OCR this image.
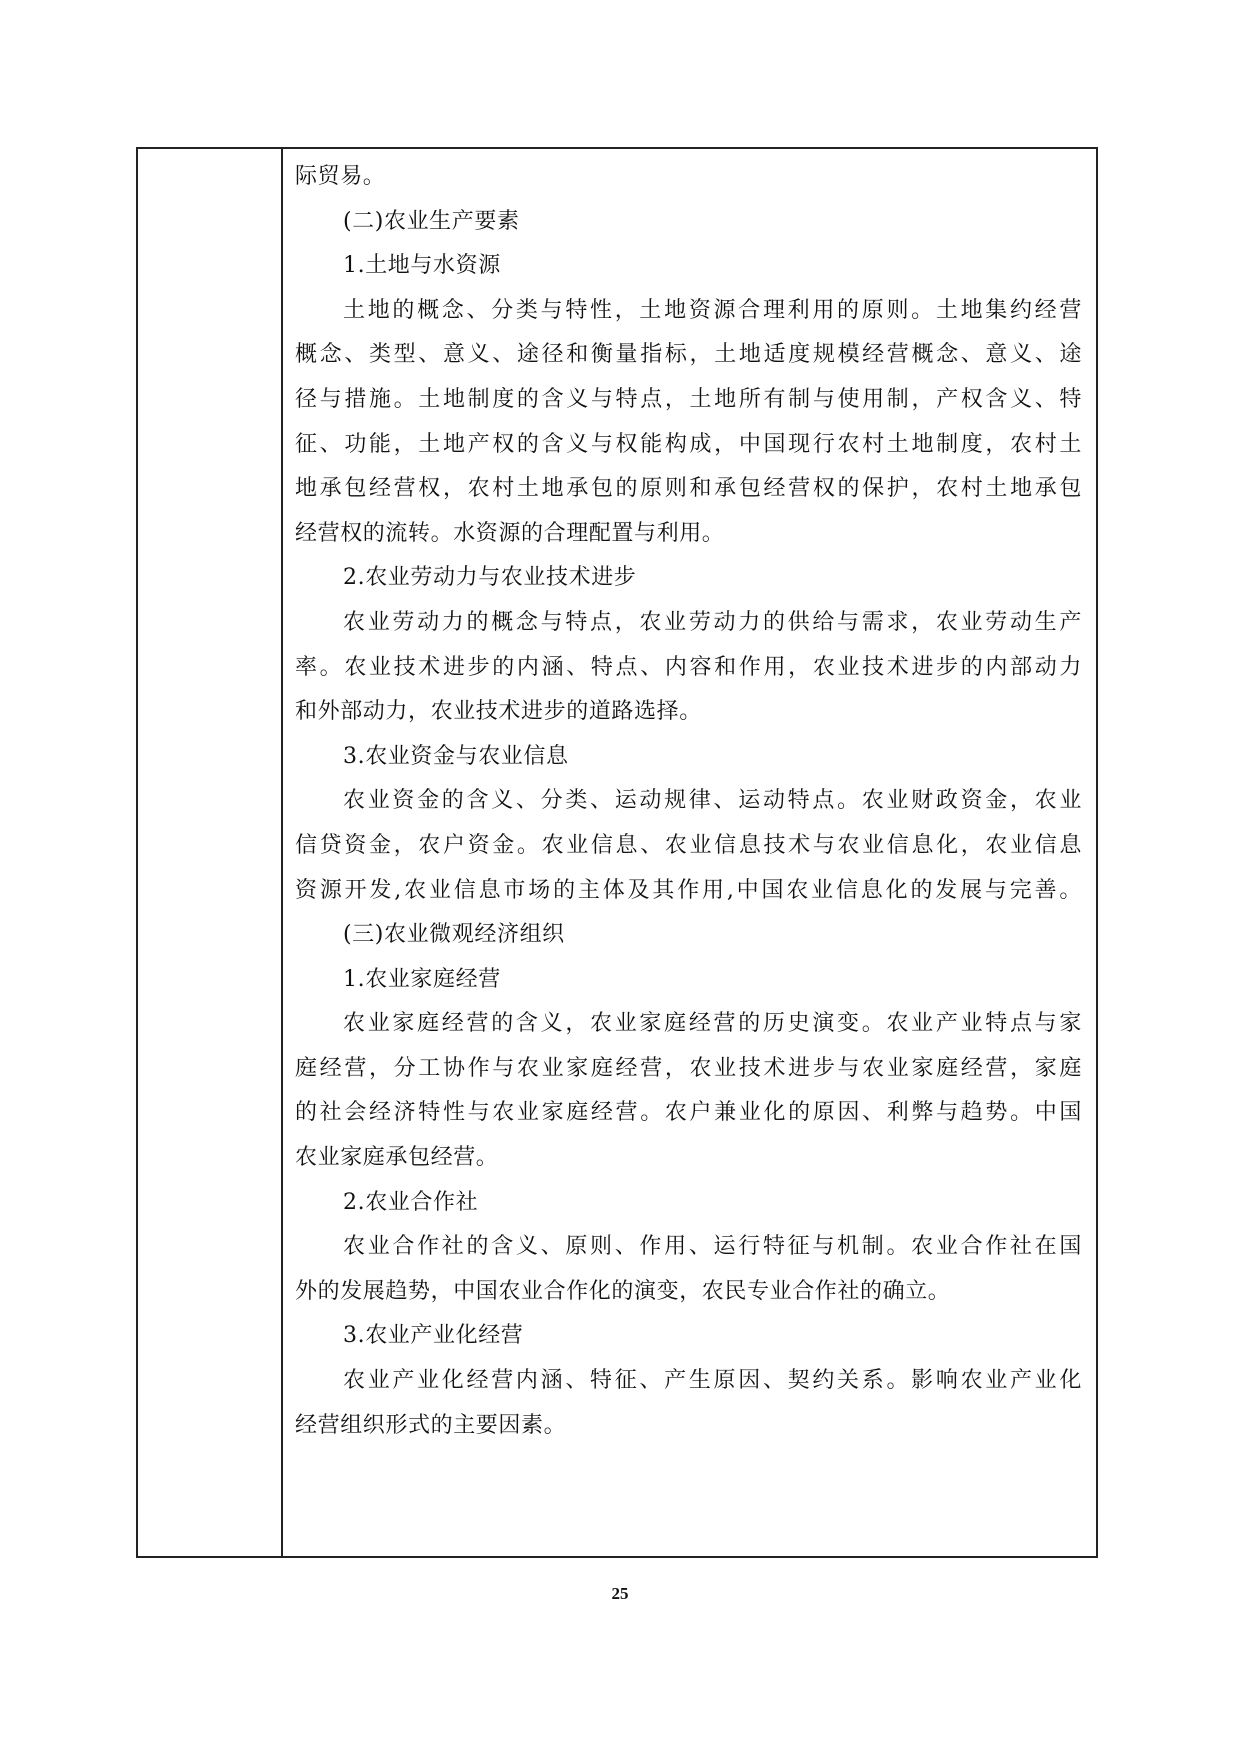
际贸易。
(二)农业生产要素
1.土地与水资源
土地的概念、分类与特性，土地资源合理利用的原则。土地集约经营
概念、类型、意义、途径和衡量指标，土地适度规模经营概念、意义、途
径与措施。土地制度的含义与特点，土地所有制与使用制，产权含义、特
征、功能，土地产权的含义与权能构成，中国现行农村土地制度，农村土
地承包经营权，农村土地承包的原则和承包经营权的保护，农村土地承包
经营权的流转。水资源的合理配置与利用。
2.农业劳动力与农业技术进步
农业劳动力的概念与特点，农业劳动力的供给与需求，农业劳动生产
率。农业技术进步的内涵、特点、内容和作用，农业技术进步的内部动力
和外部动力，农业技术进步的道路选择。
3.农业资金与农业信息
农业资金的含义、分类、运动规律、运动特点。农业财政资金，农业
信贷资金，农户资金。农业信息、农业信息技术与农业信息化，农业信息
资源开发,农业信息市场的主体及其作用,中国农业信息化的发展与完善。
(三)农业微观经济组织
1.农业家庭经营
农业家庭经营的含义，农业家庭经营的历史演变。农业产业特点与家
庭经营，分工协作与农业家庭经营，农业技术进步与农业家庭经营，家庭
的社会经济特性与农业家庭经营。农户兼业化的原因、利弊与趋势。中国
农业家庭承包经营。
2.农业合作社
农业合作社的含义、原则、作用、运行特征与机制。农业合作社在国
外的发展趋势，中国农业合作化的演变，农民专业合作社的确立。
3.农业产业化经营
农业产业化经营内涵、特征、产生原因、契约关系。影响农业产业化
经营组织形式的主要因素。
25
